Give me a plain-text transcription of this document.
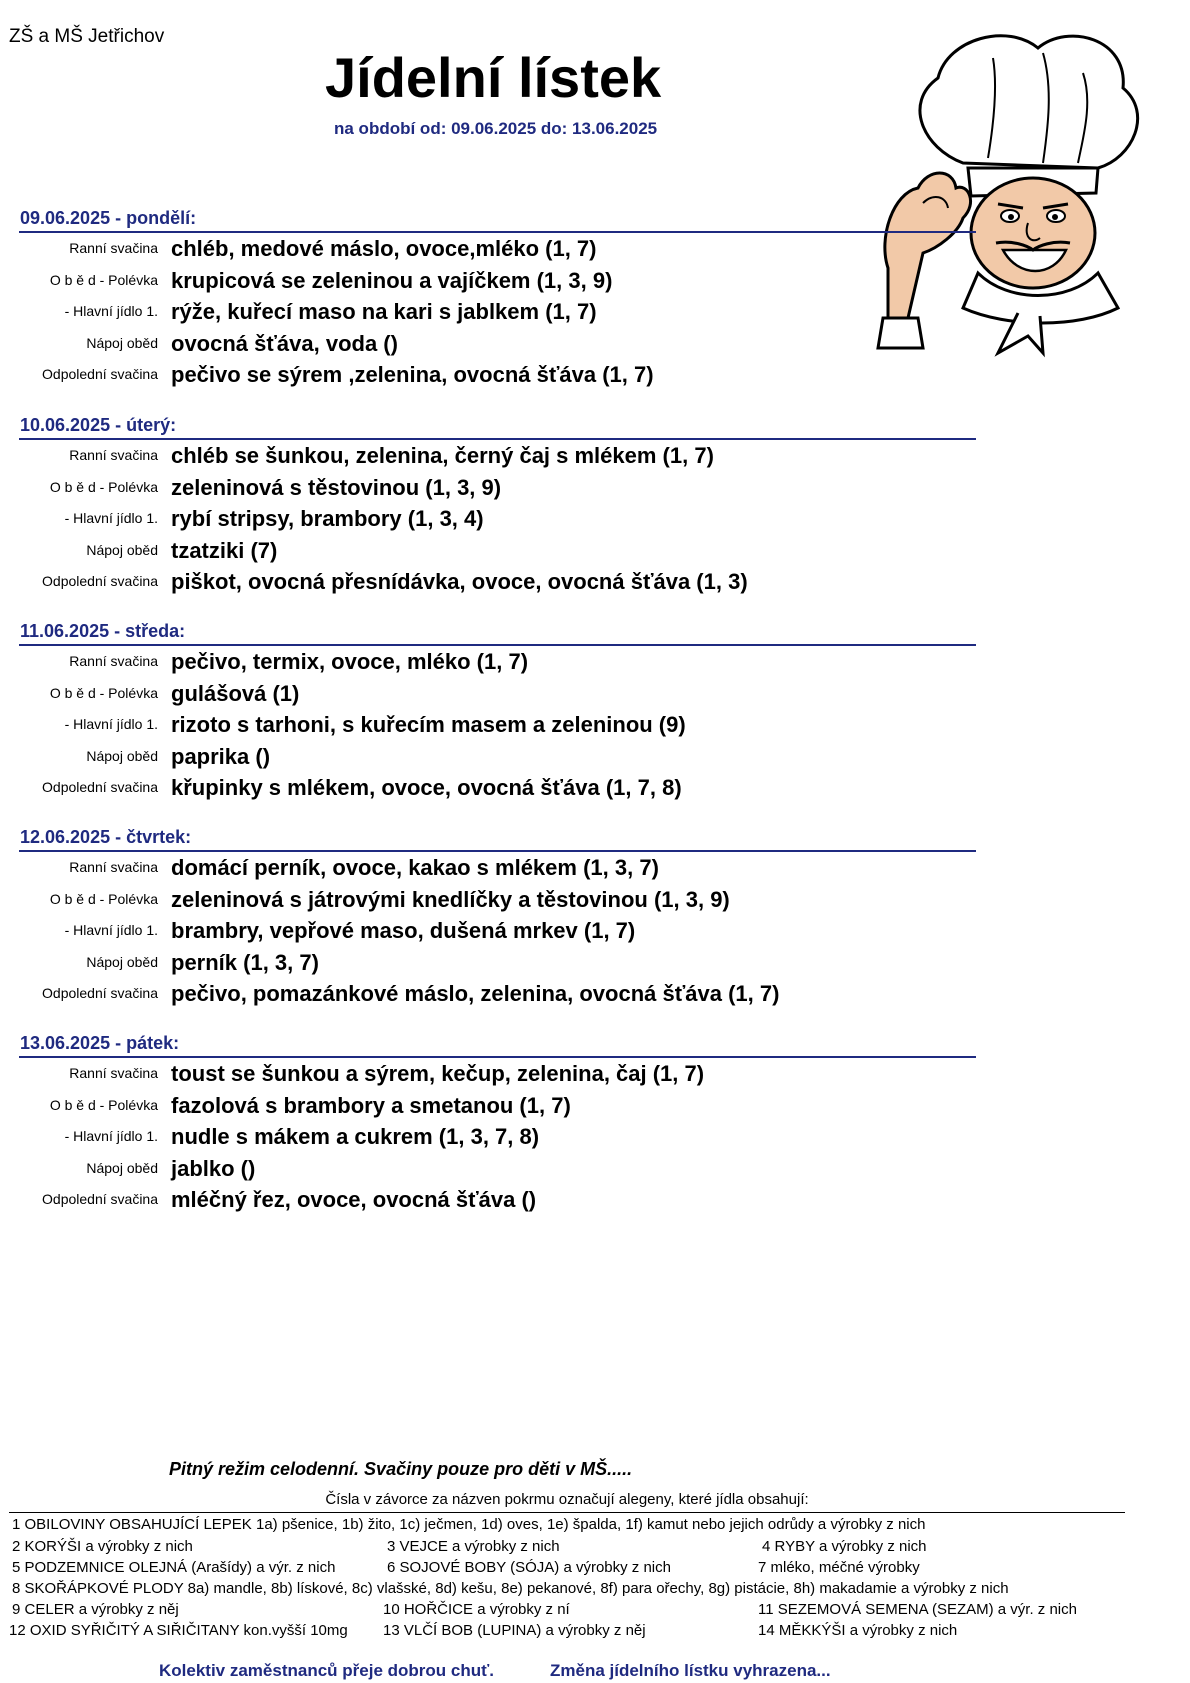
ZŠ a MŠ Jetřichov
Jídelní lístek
na období od: 09.06.2025 do: 13.06.2025
09.06.2025 - pondělí:
Ranní svačina chléb, medové máslo, ovoce,mléko (1, 7)
O b ě d - Polévka krupicová se zeleninou a vajíčkem (1, 3, 9)
- Hlavní jídlo 1. rýže, kuřecí maso na kari s jablkem (1, 7)
Nápoj oběd ovocná šťáva, voda ()
Odpolední svačina pečivo se sýrem ,zelenina, ovocná šťáva (1, 7)
10.06.2025 - úterý:
Ranní svačina chléb se šunkou, zelenina, černý čaj s mlékem (1, 7)
O b ě d - Polévka zeleninová s těstovinou (1, 3, 9)
- Hlavní jídlo 1. rybí stripsy, brambory (1, 3, 4)
Nápoj oběd tzatziki (7)
Odpolední svačina piškot, ovocná přesnídávka, ovoce, ovocná šťáva (1, 3)
11.06.2025 - středa:
Ranní svačina pečivo, termix, ovoce, mléko (1, 7)
O b ě d - Polévka gulášová (1)
- Hlavní jídlo 1. rizoto s tarhoni, s kuřecím masem a zeleninou (9)
Nápoj oběd paprika ()
Odpolední svačina křupinky s mlékem, ovoce, ovocná šťáva (1, 7, 8)
12.06.2025 - čtvrtek:
Ranní svačina domácí perník, ovoce, kakao s mlékem (1, 3, 7)
O b ě d - Polévka zeleninová s játrovými knedlíčky a těstovinou (1, 3, 9)
- Hlavní jídlo 1. brambry, vepřové maso, dušená mrkev (1, 7)
Nápoj oběd perník (1, 3, 7)
Odpolední svačina pečivo, pomazánkové máslo, zelenina, ovocná šťáva (1, 7)
13.06.2025 - pátek:
Ranní svačina toust se šunkou a sýrem, kečup, zelenina, čaj (1, 7)
O b ě d - Polévka fazolová s brambory a smetanou (1, 7)
- Hlavní jídlo 1. nudle s mákem a cukrem (1, 3, 7, 8)
Nápoj oběd jablko ()
Odpolední svačina mléčný řez, ovoce, ovocná šťáva ()
Pitný režim celodenní. Svačiny pouze pro děti v MŠ.....
Čísla v závorce za názven pokrmu označují alegeny, které jídla obsahují:
1 OBILOVINY OBSAHUJÍCÍ LEPEK 1a) pšenice, 1b) žito, 1c) ječmen, 1d) oves, 1e) špalda, 1f) kamut nebo jejich odrůdy a výrobky z nich
2 KORÝŠI a výrobky z nich	3 VEJCE a výrobky z nich	4 RYBY a výrobky z nich
5 PODZEMNICE OLEJNÁ (Arašídy) a výr. z nich	6 SOJOVÉ BOBY (SÓJA) a výrobky z nich	7 mléko, méčné výrobky
8 SKOŘÁPKOVÉ PLODY 8a) mandle, 8b) lískové, 8c) vlašské, 8d) kešu, 8e) pekanové, 8f) para ořechy, 8g) pistácie, 8h) makadamie a výrobky z nich
9 CELER a výrobky z něj	10 HOŘČICE a výrobky z ní	11 SEZEMOVÁ SEMENA (SEZAM) a výr. z nich
12 OXID SYŘIČITÝ A SIŘIČITANY kon.vyšší 10mg 13 VLČÍ BOB (LUPINA) a výrobky z něj	14 MĚKKÝŠI a výrobky z nich
Kolektiv zaměstnanců přeje dobrou chuť.	Změna jídelního lístku vyhrazena...
